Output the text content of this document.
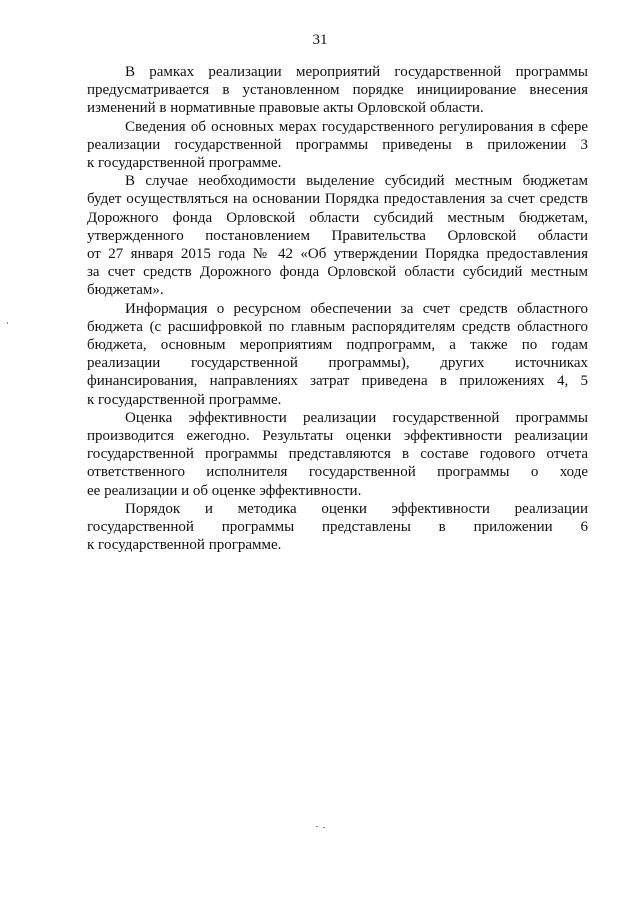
31
В рамках реализации мероприятий государственной программы
предусматривается в установленном порядке инициирование внесения
изменений в нормативные правовые акты Орловской области.
Сведения об основных мерах государственного регулирования в сфере
реализации государственной программы приведены в приложении 3
к государственной программе.
В случае необходимости выделение субсидий местным бюджетам
будет осуществляться на основании Порядка предоставления за счет средств
Дорожного фонда Орловской области субсидий местным бюджетам,
утвержденного постановлением Правительства Орловской области
от 27 января 2015 года № 42 «Об утверждении Порядка предоставления
за счет средств Дорожного фонда Орловской области субсидий местным
бюджетам».
Информация о ресурсном обеспечении за счет средств областного
бюджета (с расшифровкой по главным распорядителям средств областного
бюджета, основным мероприятиям подпрограмм, а также по годам
реализации государственной программы), других источниках
финансирования, направлениях затрат приведена в приложениях 4, 5
к государственной программе.
Оценка эффективности реализации государственной программы
производится ежегодно. Результаты оценки эффективности реализации
государственной программы представляются в составе годового отчета
ответственного исполнителя государственной программы о ходе
ее реализации и об оценке эффективности.
Порядок и методика оценки эффективности реализации
государственной программы представлены в приложении 6
к государственной программе.
